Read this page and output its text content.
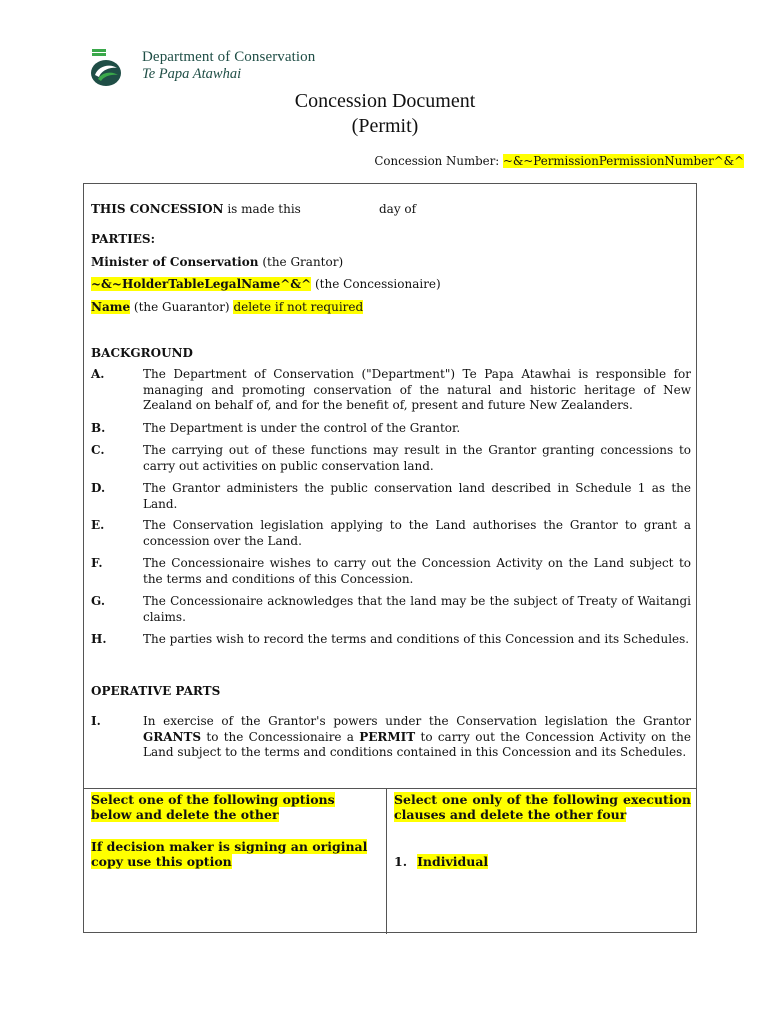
Department of Conservation
Te Papa Atawhai
Concession Document
(Permit)
Concession Number: ~&~PermissionPermissionNumber^&^
THIS CONCESSION is made this	day of
PARTIES:
Minister of Conservation (the Grantor)
~&~HolderTableLegalName^&^ (the Concessionaire)
Name (the Guarantor) delete if not required
BACKGROUND
A.	The Department of Conservation ("Department") Te Papa Atawhai is responsible for managing and promoting conservation of the natural and historic heritage of New Zealand on behalf of, and for the benefit of, present and future New Zealanders.
B.	The Department is under the control of the Grantor.
C.	The carrying out of these functions may result in the Grantor granting concessions to carry out activities on public conservation land.
D.	The Grantor administers the public conservation land described in Schedule 1 as the Land.
E.	The Conservation legislation applying to the Land authorises the Grantor to grant a concession over the Land.
F.	The Concessionaire wishes to carry out the Concession Activity on the Land subject to the terms and conditions of this Concession.
G.	The Concessionaire acknowledges that the land may be the subject of Treaty of Waitangi claims.
H.	The parties wish to record the terms and conditions of this Concession and its Schedules.
OPERATIVE PARTS
I.	In exercise of the Grantor's powers under the Conservation legislation the Grantor GRANTS to the Concessionaire a PERMIT to carry out the Concession Activity on the Land subject to the terms and conditions contained in this Concession and its Schedules.
Select one of the following options below and delete the other
If decision maker is signing an original copy use this option
Select one only of the following execution clauses and delete the other four
1. Individual
